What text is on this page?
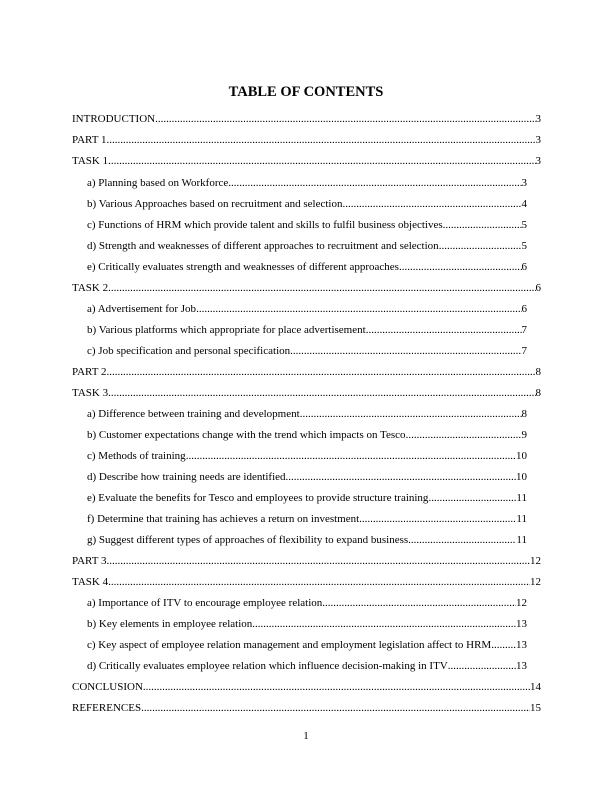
TABLE OF CONTENTS
INTRODUCTION .....	3
PART 1 .....	3
TASK 1 .....	3
a) Planning based on Workforce .....	3
b) Various Approaches based on recruitment and selection .....	4
c) Functions of HRM which provide talent and skills to fulfil business objectives .....	5
d) Strength and weaknesses of different approaches to recruitment and selection .....	5
e) Critically evaluates strength and weaknesses of different approaches .....	6
TASK 2 .....	6
a) Advertisement for Job .....	6
b) Various platforms which appropriate for place advertisement .....	7
c) Job specification and personal specification .....	7
PART 2 .....	8
TASK 3 .....	8
a) Difference between training and development .....	8
b) Customer expectations change with the trend which impacts on Tesco .....	9
c) Methods of training .....	10
d) Describe how training needs are identified .....	10
e) Evaluate the benefits for Tesco and employees to provide structure training .....	11
f) Determine that training has achieves a return on investment .....	11
g) Suggest different types of approaches of flexibility to expand business .....	11
PART 3 .....	12
TASK 4 .....	12
a) Importance of ITV to encourage employee relation .....	12
b) Key elements in employee relation .....	13
c) Key aspect of employee relation management and employment legislation affect to HRM ..... 13
d) Critically evaluates employee relation which influence decision-making in ITV .....	13
CONCLUSION .....	14
REFERENCES .....	15
1
